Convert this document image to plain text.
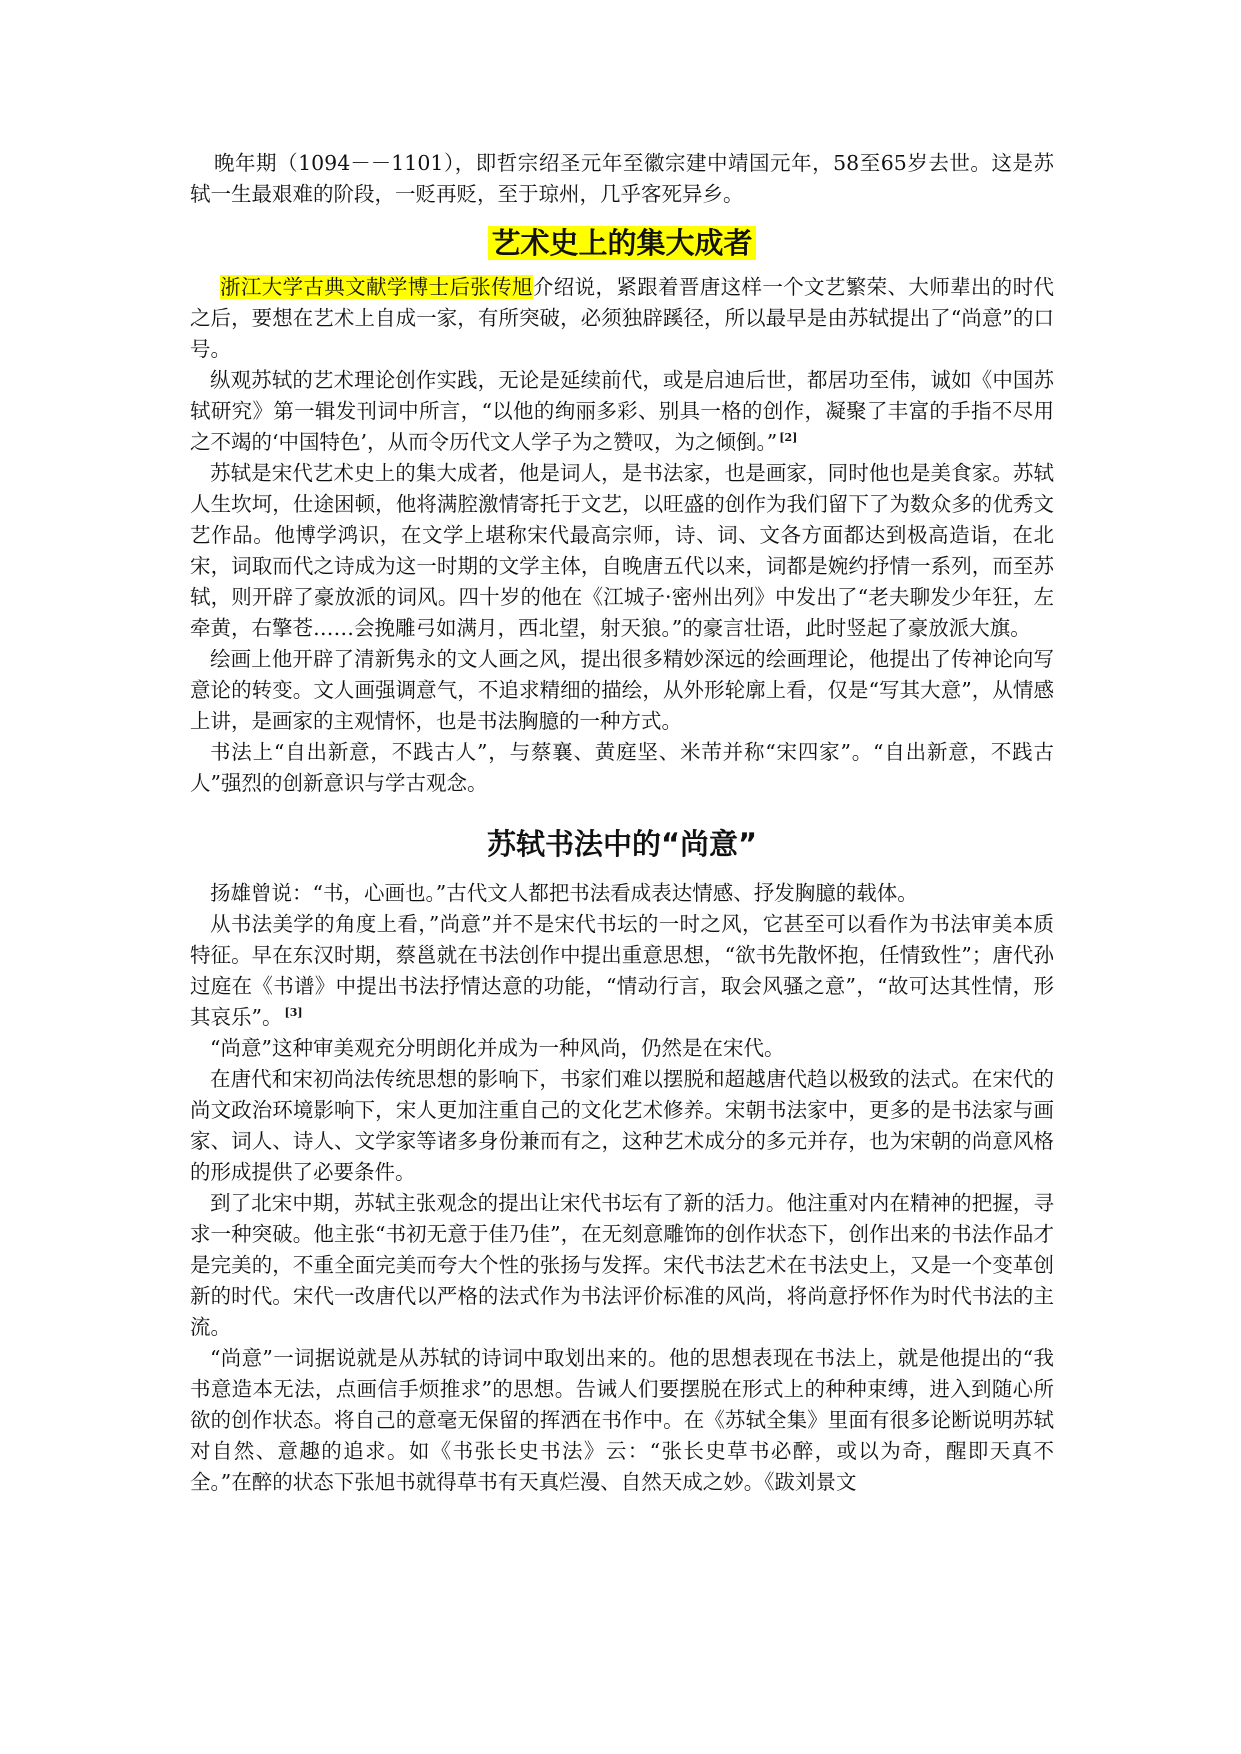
晚年期（1094－－1101），即哲宗绍圣元年至徽宗建中靖国元年，58至65岁去世。这是苏轼一生最艰难的阶段，一贬再贬，至于琼州，几乎客死异乡。

艺术史上的集大成者

浙江大学古典文献学博士后张传旭介绍说，紧跟着晋唐这样一个文艺繁荣、大师辈出的时代之后，要想在艺术上自成一家，有所突破，必须独辟蹊径，所以最早是由苏轼提出了“尚意”的口号。

纵观苏轼的艺术理论创作实践，无论是延续前代，或是启迪后世，都居功至伟，诚如《中国苏轼研究》第一辑发刊词中所言，“以他的绚丽多彩、别具一格的创作，凝聚了丰富的手指不尽用之不竭的‘中国特色’，从而令历代文人学子为之赞叹，为之倾倒。” [2]

苏轼是宋代艺术史上的集大成者，他是词人，是书法家，也是画家，同时他也是美食家。苏轼人生坎坷，仕途困顿，他将满腔激情寄托于文艺，以旺盛的创作为我们留下了为数众多的优秀文艺作品。他博学鸿识，在文学上堪称宋代最高宗师，诗、词、文各方面都达到极高造诣，在北宋，词取而代之诗成为这一时期的文学主体，自晚唐五代以来，词都是婉约抒情一系列，而至苏轼，则开辟了豪放派的词风。四十岁的他在《江城子·密州出列》中发出了“老夫聊发少年狂，左牵黄，右擎苍……会挽雕弓如满月，西北望，射天狼。”的豪言壮语，此时竖起了豪放派大旗。

绘画上他开辟了清新隽永的文人画之风，提出很多精妙深远的绘画理论，他提出了传神论向写意论的转变。文人画强调意气，不追求精细的描绘，从外形轮廓上看，仅是“写其大意”，从情感上讲，是画家的主观情怀，也是书法胸臆的一种方式。

书法上“自出新意，不践古人”，与蔡襄、黄庭坚、米芾并称“宋四家”。“自出新意，不践古人”强烈的创新意识与学古观念。

苏轼书法中的“尚意”

扬雄曾说：“书，心画也。”古代文人都把书法看成表达情感、抒发胸臆的载体。

从书法美学的角度上看，”尚意”并不是宋代书坛的一时之风，它甚至可以看作为书法审美本质特征。早在东汉时期，蔡邕就在书法创作中提出重意思想，“欲书先散怀抱，任情致性”；唐代孙过庭在《书谱》中提出书法抒情达意的功能，“情动行言，取会风骚之意”，“故可达其性情，形其哀乐”。 [3]

“尚意”这种审美观充分明朗化并成为一种风尚，仍然是在宋代。

在唐代和宋初尚法传统思想的影响下，书家们难以摆脱和超越唐代趋以极致的法式。在宋代的尚文政治环境影响下，宋人更加注重自己的文化艺术修养。宋朝书法家中，更多的是书法家与画家、词人、诗人、文学家等诸多身份兼而有之，这种艺术成分的多元并存，也为宋朝的尚意风格的形成提供了必要条件。

到了北宋中期，苏轼主张观念的提出让宋代书坛有了新的活力。他注重对内在精神的把握，寻求一种突破。他主张“书初无意于佳乃佳”，在无刻意雕饰的创作状态下，创作出来的书法作品才是完美的，不重全面完美而夸大个性的张扬与发挥。宋代书法艺术在书法史上，又是一个变革创新的时代。宋代一改唐代以严格的法式作为书法评价标准的风尚，将尚意抒怀作为时代书法的主流。

“尚意”一词据说就是从苏轼的诗词中取划出来的。他的思想表现在书法上，就是他提出的“我书意造本无法，点画信手烦推求”的思想。告诫人们要摆脱在形式上的种种束缚，进入到随心所欲的创作状态。将自己的意毫无保留的挥洒在书作中。在《苏轼全集》里面有很多论断说明苏轼对自然、意趣的追求。如《书张长史书法》云：“张长史草书必醉，或以为奇，醒即天真不全。”在醉的状态下张旭书就得草书有天真烂漫、自然天成之妙。《跋刘景文
